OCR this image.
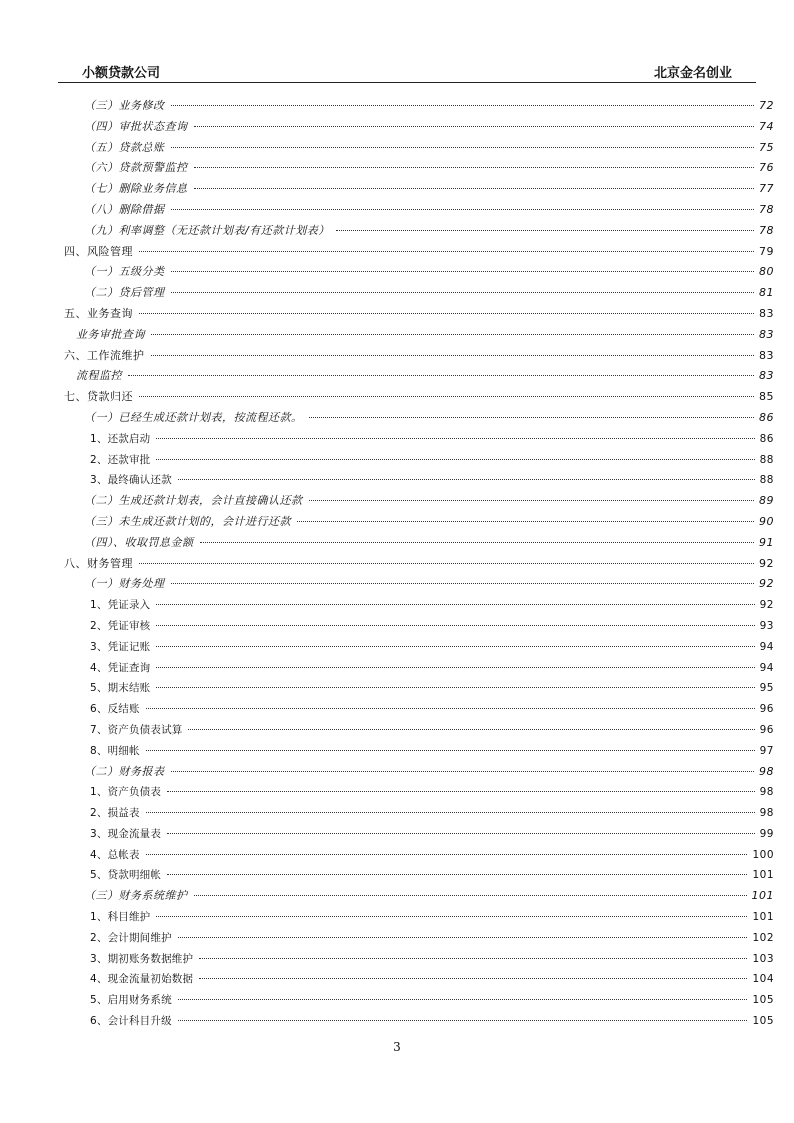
小额贷款公司	北京金名创业
（三）业务修改	72
（四）审批状态查询	74
（五）贷款总账	75
（六）贷款预警监控	76
（七）删除业务信息	77
（八）删除借据	78
（九）利率调整（无还款计划表/有还款计划表）	78
四、风险管理	79
（一）五级分类	80
（二）贷后管理	81
五、业务查询	83
业务审批查询	83
六、工作流维护	83
流程监控	83
七、贷款归还	85
（一）已经生成还款计划表，按流程还款。	86
1、还款启动	86
2、还款审批	88
3、最终确认还款	88
（二）生成还款计划表，会计直接确认还款	89
（三）未生成还款计划的，会计进行还款	90
（四）、收取罚息金额	91
八、财务管理	92
（一）财务处理	92
1、凭证录入	92
2、凭证审核	93
3、凭证记账	94
4、凭证查询	94
5、期末结账	95
6、反结账	96
7、资产负债表试算	96
8、明细帐	97
（二）财务报表	98
1、资产负债表	98
2、损益表	98
3、现金流量表	99
4、总帐表	100
5、贷款明细帐	101
（三）财务系统维护	101
1、科目维护	101
2、会计期间维护	102
3、期初账务数据维护	103
4、现金流量初始数据	104
5、启用财务系统	105
6、会计科目升级	105
3
